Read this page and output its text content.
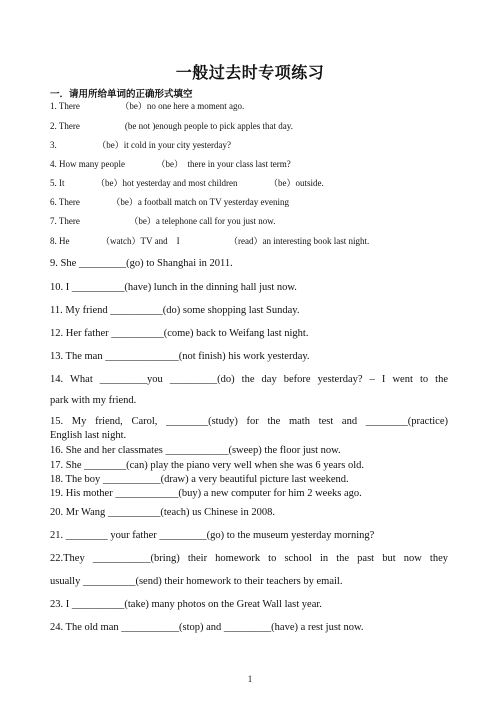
一般过去时专项练习
一．请用所给单词的正确形式填空
1. There　　　　　（be）no one here a moment ago.
2. There　　　　　(be not )enough people to pick apples that day.
3.　　　　　（be）it cold in your city yesterday?
4. How many people　　　　（be）　there in your class last term?
5. It　　　　（be）hot yesterday and most children　　　　（be）outside.
6. There　　　　（be）a football match on TV yesterday evening
7. There　　　　　　（be）a telephone call for you just now.
8. He　　　　（watch）TV and　I　　　　　　（read）an interesting book last night.
9. She _________(go) to Shanghai in 2011.
10. I __________(have) lunch in the dinning hall just now.
11. My friend __________(do) some shopping last Sunday.
12. Her father __________(come) back to Weifang last night.
13. The man ______________(not finish) his work yesterday.
14. What _________you _________(do) the day before yesterday? – I went to the
park with my friend.
15. My friend, Carol, ________(study) for the math test and ________(practice)
English last night.
16. She and her classmates ____________(sweep) the floor just now.
17. She ________(can) play the piano very well when she was 6 years old.
18. The boy ___________(draw) a very beautiful picture last weekend.
19. His mother ____________(buy) a new computer for him 2 weeks ago.
20. Mr Wang __________(teach) us Chinese in 2008.
21. ________ your father _________(go) to the museum yesterday morning?
22.They ___________(bring) their homework to school in the past but now they
usually __________(send) their homework to their teachers by email.
23. I __________(take) many photos on the Great Wall last year.
24. The old man ___________(stop) and _________(have) a rest just now.
1
